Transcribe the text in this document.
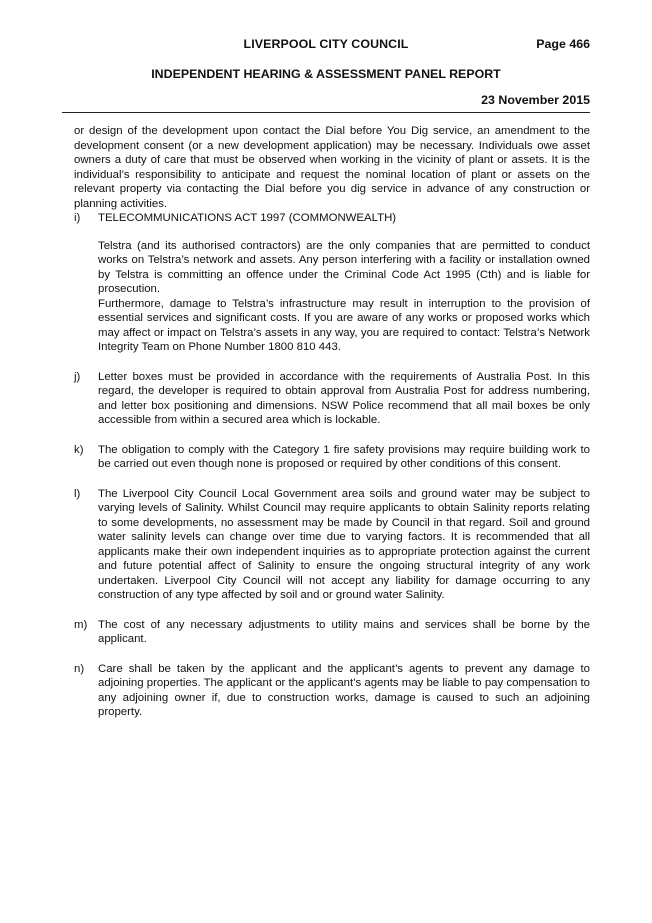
LIVERPOOL CITY COUNCIL	Page 466
INDEPENDENT HEARING & ASSESSMENT PANEL REPORT
23 November 2015

or design of the development upon contact the Dial before You Dig service, an amendment to the development consent (or a new development application) may be necessary. Individuals owe asset owners a duty of care that must be observed when working in the vicinity of plant or assets. It is the individual’s responsibility to anticipate and request the nominal location of plant or assets on the relevant property via contacting the Dial before you dig service in advance of any construction or planning activities.

i)	TELECOMMUNICATIONS ACT 1997 (COMMONWEALTH)

Telstra (and its authorised contractors) are the only companies that are permitted to conduct works on Telstra’s network and assets. Any person interfering with a facility or installation owned by Telstra is committing an offence under the Criminal Code Act 1995 (Cth) and is liable for prosecution.

Furthermore, damage to Telstra’s infrastructure may result in interruption to the provision of essential services and significant costs. If you are aware of any works or proposed works which may affect or impact on Telstra’s assets in any way, you are required to contact: Telstra’s Network Integrity Team on Phone Number 1800 810 443.

j)	Letter boxes must be provided in accordance with the requirements of Australia Post. In this regard, the developer is required to obtain approval from Australia Post for address numbering, and letter box positioning and dimensions. NSW Police recommend that all mail boxes be only accessible from within a secured area which is lockable.
k)	The obligation to comply with the Category 1 fire safety provisions may require building work to be carried out even though none is proposed or required by other conditions of this consent.
l)	The Liverpool City Council Local Government area soils and ground water may be subject to varying levels of Salinity. Whilst Council may require applicants to obtain Salinity reports relating to some developments, no assessment may be made by Council in that regard. Soil and ground water salinity levels can change over time due to varying factors. It is recommended that all applicants make their own independent inquiries as to appropriate protection against the current and future potential affect of Salinity to ensure the ongoing structural integrity of any work undertaken. Liverpool City Council will not accept any liability for damage occurring to any construction of any type affected by soil and or ground water Salinity.
m) The cost of any necessary adjustments to utility mains and services shall be borne by the applicant.
n)	Care shall be taken by the applicant and the applicant’s agents to prevent any damage to adjoining properties. The applicant or the applicant’s agents may be liable to pay compensation to any adjoining owner if, due to construction works, damage is caused to such an adjoining property.
